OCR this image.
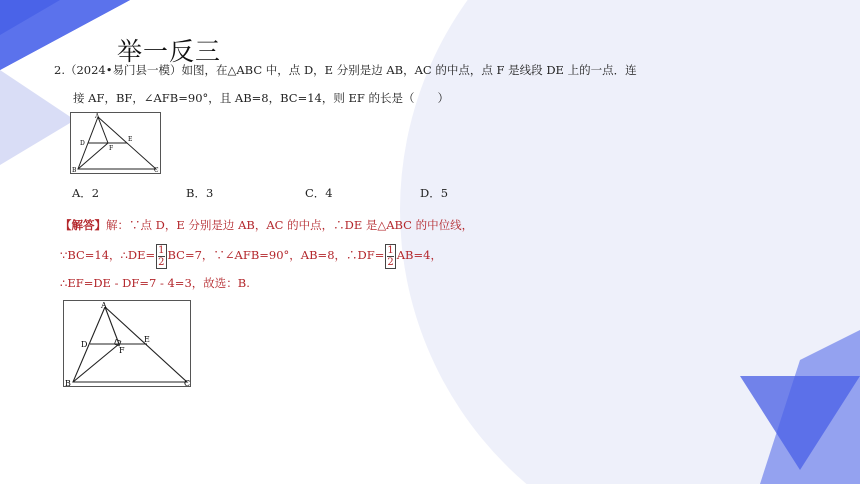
举一反三
2.（2024•易门县一模）如图，在△ABC 中，点 D，E 分别是边 AB，AC 的中点，点 F 是线段 DE 上的一点．连
接 AF，BF，∠AFB=90°，且 AB=8，BC=14，则 EF 的长是（　　）
A
D
E
F
B	C
A．2	B．3	C．4	D．5
【解答】解：∵点 D，E 分别是边 AB，AC 的中点，∴DE 是△ABC 的中位线，
∵BC=14，∴DE= $\frac{1}{2} BC=7$，∵∠AFB=90°，AB=8，∴DF= $\frac{1}{2} AB=4$，
∴EF=DE - DF=7 - 4=3，故选：B.
A
D
E
F
B	C
